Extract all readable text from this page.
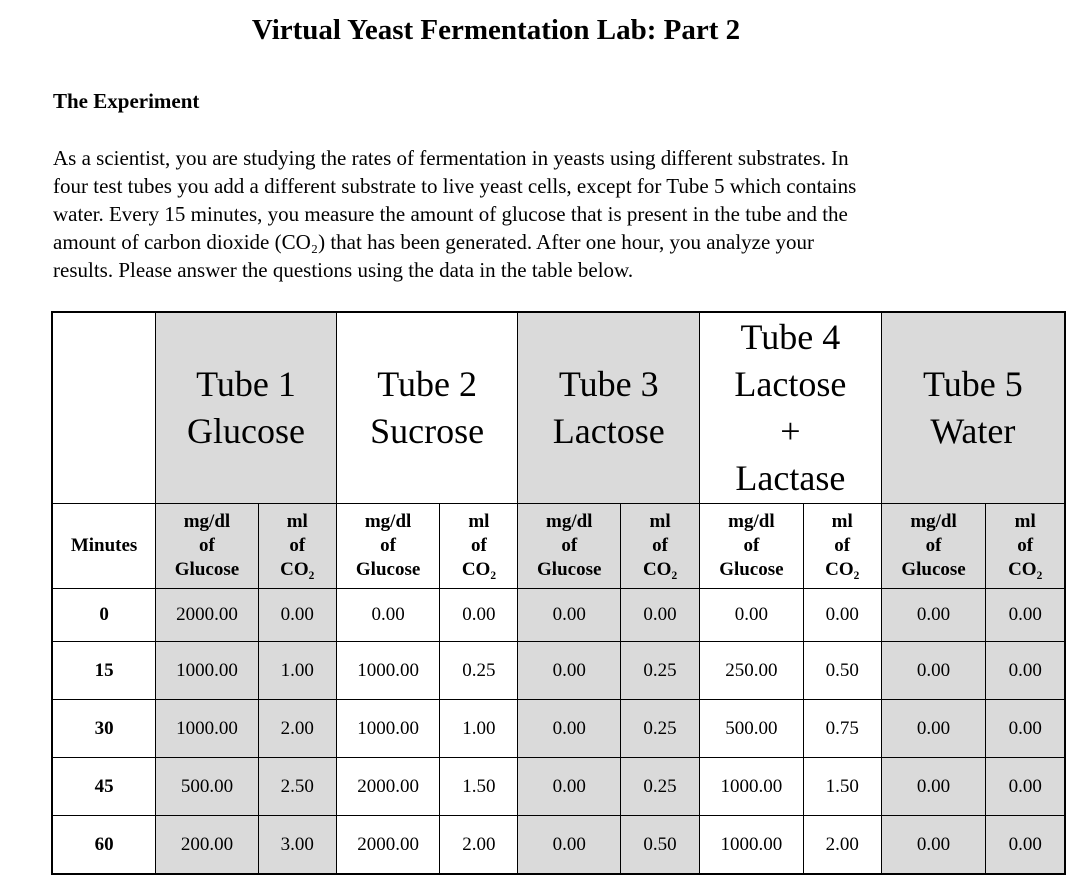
Virtual Yeast Fermentation Lab: Part 2
The Experiment
As a scientist, you are studying the rates of fermentation in yeasts using different substrates. In
four test tubes you add a different substrate to live yeast cells, except for Tube 5 which contains
water. Every 15 minutes, you measure the amount of glucose that is present in the tube and the
amount of carbon dioxide (CO₂) that has been generated. After one hour, you analyze your
results. Please answer the questions using the data in the table below.

	Tube 1
Glucose		Tube 2
Sucrose		Tube 3
Lactose		Tube 4
Lactose
+
Lactase		Tube 5
Water	

Minutes	mg/dl
of
Glucose	ml
of
CO₂	mg/dl
of
Glucose	ml
of
CO₂	mg/dl
of
Glucose	ml
of
CO₂	mg/dl
of
Glucose	ml
of
CO₂	mg/dl
of
Glucose	ml
of
CO₂

0	2000.00	0.00	0.00	0.00	0.00	0.00	0.00	0.00	0.00	0.00
15	1000.00	1.00	1000.00	0.25	0.00	0.25	250.00	0.50	0.00	0.00
30	1000.00	2.00	1000.00	1.00	0.00	0.25	500.00	0.75	0.00	0.00
45	500.00	2.50	2000.00	1.50	0.00	0.25	1000.00	1.50	0.00	0.00
60	200.00	3.00	2000.00	2.00	0.00	0.50	1000.00	2.00	0.00	0.00
